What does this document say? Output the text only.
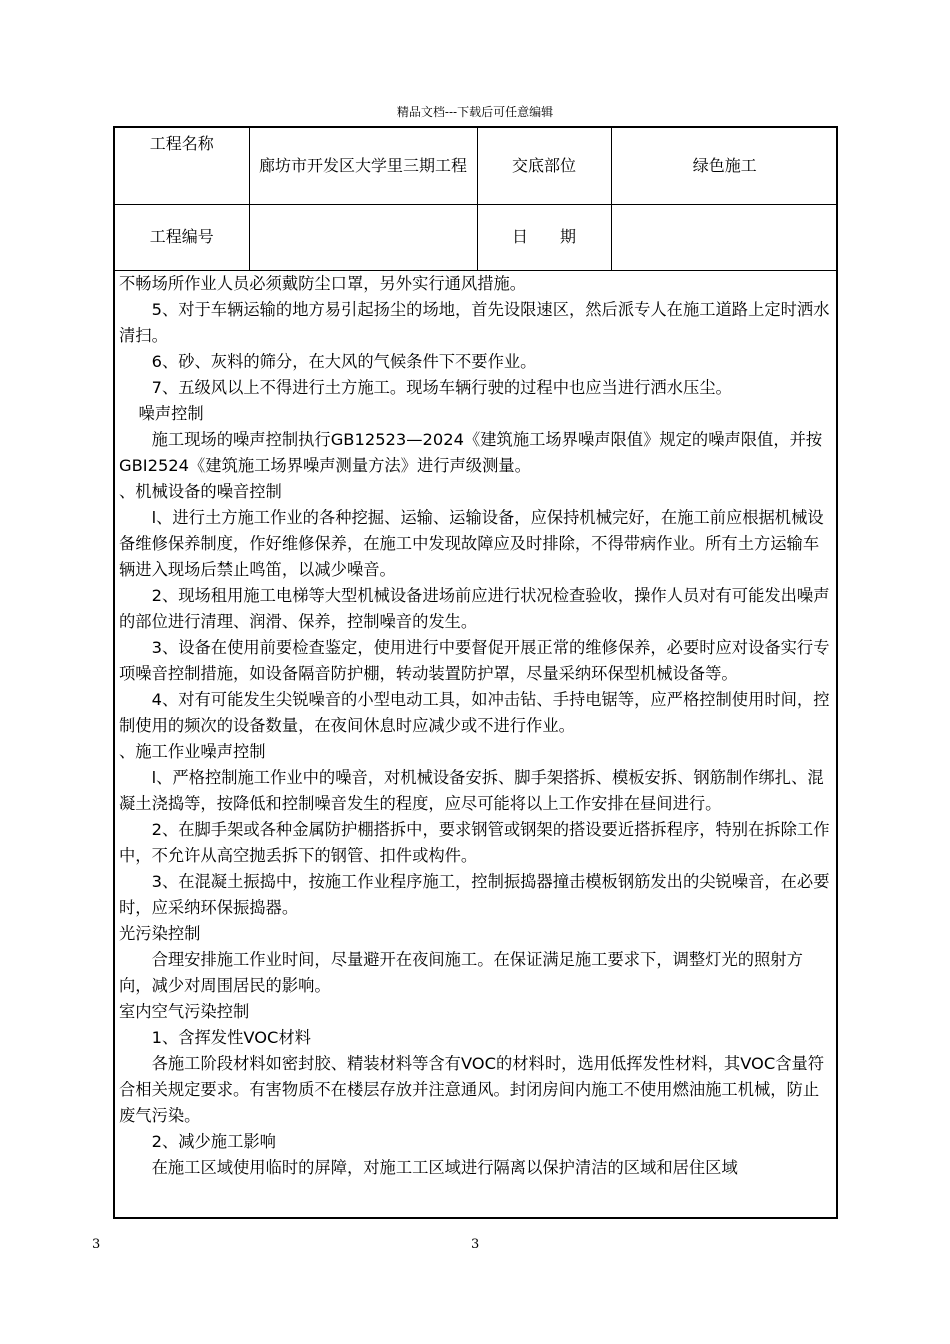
精品文档---下载后可任意编辑
工程名称	廊坊市开发区大学里三期工程	交底部位	绿色施工
工程编号		日　　期	

不畅场所作业人员必须戴防尘口罩，另外实行通风措施。

5、对于车辆运输的地方易引起扬尘的场地，首先设限速区，然后派专人在施工道路上定时洒水清扫。

6、砂、灰料的筛分，在大风的气候条件下不要作业。

7、五级风以上不得进行土方施工。现场车辆行驶的过程中也应当进行洒水压尘。

噪声控制

施工现场的噪声控制执行GB12523—2024《建筑施工场界噪声限值》规定的噪声限值，并按GBI2524《建筑施工场界噪声测量方法》进行声级测量。

、机械设备的噪音控制

l、进行土方施工作业的各种挖掘、运输、运输设备，应保持机械完好，在施工前应根据机械设备维修保养制度，作好维修保养，在施工中发现故障应及时排除，不得带病作业。所有土方运输车辆进入现场后禁止鸣笛，以减少噪音。

2、现场租用施工电梯等大型机械设备进场前应进行状况检查验收，操作人员对有可能发出噪声的部位进行清理、润滑、保养，控制噪音的发生。

3、设备在使用前要检查鉴定，使用进行中要督促开展正常的维修保养，必要时应对设备实行专项噪音控制措施，如设备隔音防护棚，转动装置防护罩，尽量采纳环保型机械设备等。

4、对有可能发生尖锐噪音的小型电动工具，如冲击钻、手持电锯等，应严格控制使用时间，控制使用的频次的设备数量，在夜间休息时应减少或不进行作业。

、施工作业噪声控制

l、严格控制施工作业中的噪音，对机械设备安拆、脚手架搭拆、模板安拆、钢筋制作绑扎、混凝土浇捣等，按降低和控制噪音发生的程度，应尽可能将以上工作安排在昼间进行。

2、在脚手架或各种金属防护棚搭拆中，要求钢管或钢架的搭设要近搭拆程序，特别在拆除工作中，不允许从高空抛丢拆下的钢管、扣件或构件。

3、在混凝土振捣中，按施工作业程序施工，控制振捣器撞击模板钢筋发出的尖锐噪音，在必要时，应采纳环保振捣器。

光污染控制

合理安排施工作业时间，尽量避开在夜间施工。在保证满足施工要求下，调整灯光的照射方向，减少对周围居民的影响。

室内空气污染控制

1、含挥发性VOC材料

各施工阶段材料如密封胶、精装材料等含有VOC的材料时，选用低挥发性材料，其VOC含量符合相关规定要求。有害物质不在楼层存放并注意通风。封闭房间内施工不使用燃油施工机械，防止废气污染。

2、减少施工影响

在施工区域使用临时的屏障，对施工工区域进行隔离以保护清洁的区域和居住区域

3	3
